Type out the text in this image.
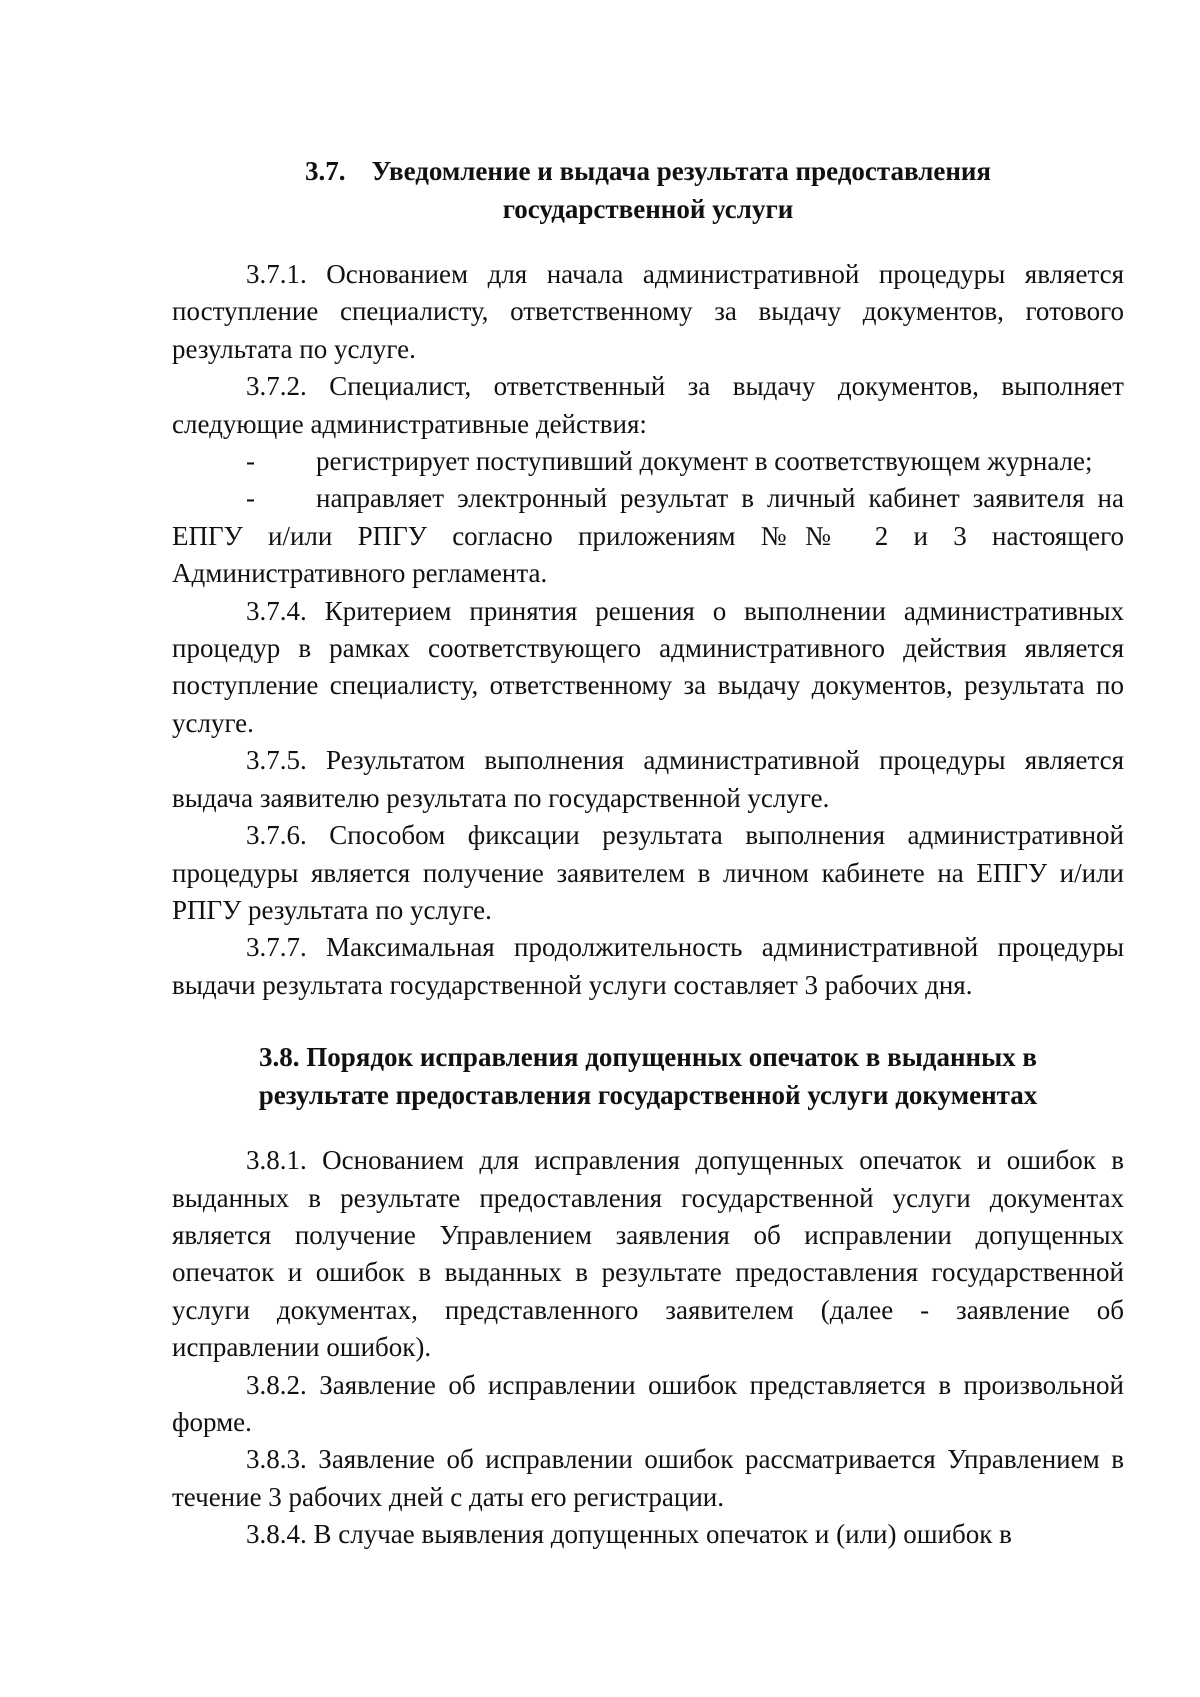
3.7. Уведомление и выдача результата предоставления
государственной услуги

3.7.1. Основанием для начала административной процедуры является поступление специалисту, ответственному за выдачу документов, готового результата по услуге.

3.7.2. Специалист, ответственный за выдачу документов, выполняет следующие административные действия:

- регистрирует поступивший документ в соответствующем журнале;

- направляет электронный результат в личный кабинет заявителя на ЕПГУ и/или РПГУ согласно приложениям №№ 2 и 3 настоящего Административного регламента.

3.7.4. Критерием принятия решения о выполнении административных процедур в рамках соответствующего административного действия является поступление специалисту, ответственному за выдачу документов, результата по услуге.

3.7.5. Результатом выполнения административной процедуры является выдача заявителю результата по государственной услуге.

3.7.6. Способом фиксации результата выполнения административной процедуры является получение заявителем в личном кабинете на ЕПГУ и/или РПГУ результата по услуге.

3.7.7. Максимальная продолжительность административной процедуры выдачи результата государственной услуги составляет 3 рабочих дня.

3.8. Порядок исправления допущенных опечаток в выданных в
результате предоставления государственной услуги документах

3.8.1. Основанием для исправления допущенных опечаток и ошибок в выданных в результате предоставления государственной услуги документах является получение Управлением заявления об исправлении допущенных опечаток и ошибок в выданных в результате предоставления государственной услуги документах, представленного заявителем (далее - заявление об исправлении ошибок).

3.8.2. Заявление об исправлении ошибок представляется в произвольной форме.

3.8.3. Заявление об исправлении ошибок рассматривается Управлением в течение 3 рабочих дней с даты его регистрации.

3.8.4. В случае выявления допущенных опечаток и (или) ошибок в
